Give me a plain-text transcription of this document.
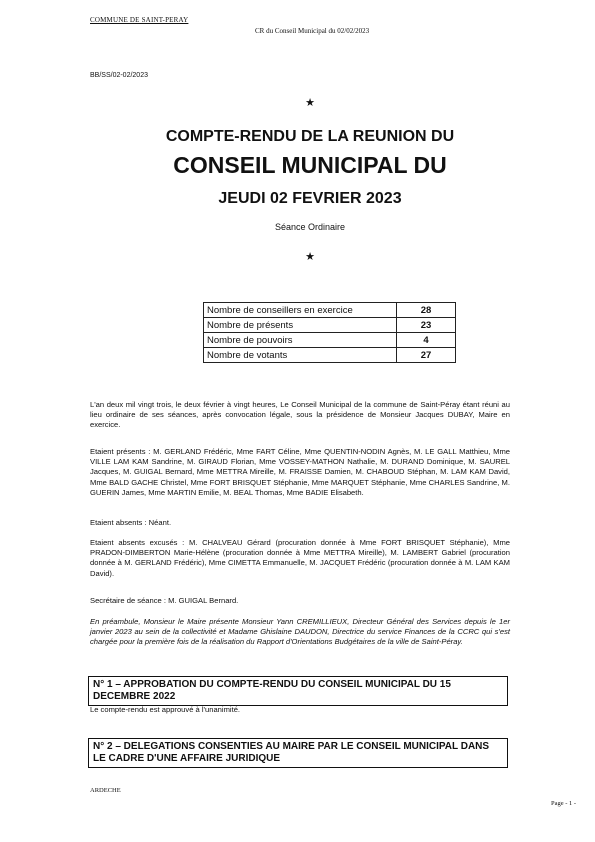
COMMUNE DE SAINT-PERAY
CR du Conseil Municipal du 02/02/2023
BB/SS/02-02/2023
★
COMPTE-RENDU DE LA REUNION DU
CONSEIL MUNICIPAL DU
JEUDI 02 FEVRIER 2023
Séance Ordinaire
★
Nombre de conseillers en exercice	28
Nombre de présents	23
Nombre de pouvoirs	4
Nombre de votants	27
L'an deux mil vingt trois, le deux février à vingt heures, Le Conseil Municipal de la commune de Saint-Péray étant réuni au lieu ordinaire de ses séances, après convocation légale, sous la présidence de Monsieur Jacques DUBAY, Maire en exercice.
Etaient présents : M. GERLAND Frédéric, Mme FART Céline, Mme QUENTIN-NODIN Agnès, M. LE GALL Matthieu, Mme VILLE LAM KAM Sandrine, M. GIRAUD Florian, Mme VOSSEY-MATHON Nathalie, M. DURAND Dominique, M. SAUREL Jacques, M. GUIGAL Bernard, Mme METTRA Mireille, M. FRAISSE Damien, M. CHABOUD Stéphan, M. LAM KAM David, Mme BALD GACHE Christel, Mme FORT BRISQUET Stéphanie, Mme MARQUET Stéphanie, Mme CHARLES Sandrine, M. GUERIN James, Mme MARTIN Emilie, M. BEAL Thomas, Mme BADIE Elisabeth.
Etaient absents : Néant.
Etaient absents excusés : M. CHALVEAU Gérard (procuration donnée à Mme FORT BRISQUET Stéphanie), Mme PRADON-DIMBERTON Marie-Hélène (procuration donnée à Mme METTRA Mireille), M. LAMBERT Gabriel (procuration donnée à M. GERLAND Frédéric), Mme CIMETTA Emmanuelle, M. JACQUET Frédéric (procuration donnée à M. LAM KAM David).
Secrétaire de séance : M. GUIGAL Bernard.
En préambule, Monsieur le Maire présente Monsieur Yann CREMILLIEUX, Directeur Général des Services depuis le 1er janvier 2023 au sein de la collectivité et Madame Ghislaine DAUDON, Directrice du service Finances de la CCRC qui s'est chargée pour la première fois de la réalisation du Rapport d'Orientations Budgétaires de la ville de Saint-Péray.
N° 1 – APPROBATION DU COMPTE-RENDU DU CONSEIL MUNICIPAL DU 15 DECEMBRE 2022
Le compte-rendu est approuvé à l'unanimité.
N° 2 – DELEGATIONS CONSENTIES AU MAIRE PAR LE CONSEIL MUNICIPAL DANS LE CADRE D'UNE AFFAIRE JURIDIQUE
ARDECHE
Page - 1 -
